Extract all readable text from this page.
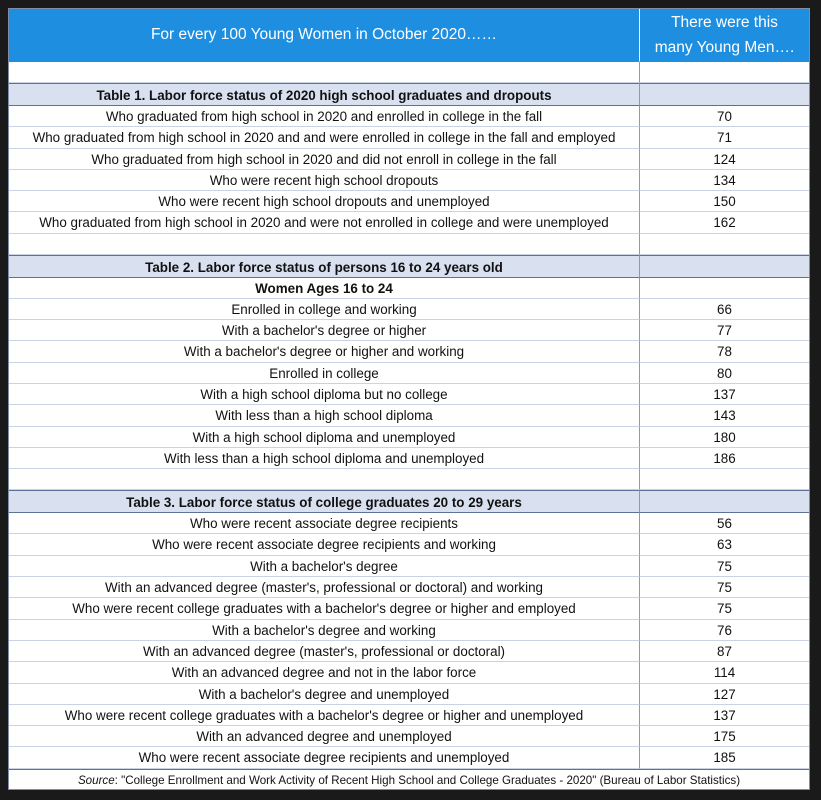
For every 100 Young Women in October 2020……
There were this
many Young Men….
Table 1. Labor force status of 2020 high school graduates and dropouts
Who graduated from high school in 2020 and enrolled in college in the fall	70
Who graduated from high school in 2020 and and were enrolled in college in the fall and employed	71
Who graduated from high school in 2020 and did not enroll in college in the fall	124
Who were recent high school dropouts	134
Who were recent high school dropouts and unemployed	150
Who graduated from high school in 2020 and were not enrolled in college and were unemployed	162
Table 2. Labor force status of persons 16 to 24 years old
Women Ages 16 to 24
Enrolled in college and working	66
With a bachelor's degree or higher	77
With a bachelor's degree or higher and working	78
Enrolled in college	80
With a high school diploma but no college	137
With less than a high school diploma	143
With a high school diploma and unemployed	180
With less than a high school diploma and unemployed	186
Table 3. Labor force status of college graduates 20 to 29 years
Who were recent associate degree recipients	56
Who were recent associate degree recipients and working	63
With a bachelor's degree	75
With an advanced degree (master's, professional or doctoral) and working	75
Who were recent college graduates with a bachelor's degree or higher and employed	75
With a bachelor's degree and working	76
With an advanced degree (master's, professional or doctoral)	87
With an advanced degree and not in the labor force	114
With a bachelor's degree and unemployed	127
Who were recent college graduates with a bachelor's degree or higher and unemployed	137
With an advanced degree and unemployed	175
Who were recent associate degree recipients and unemployed	185
Source: "College Enrollment and Work Activity of Recent High School and College Graduates - 2020" (Bureau of Labor Statistics)
